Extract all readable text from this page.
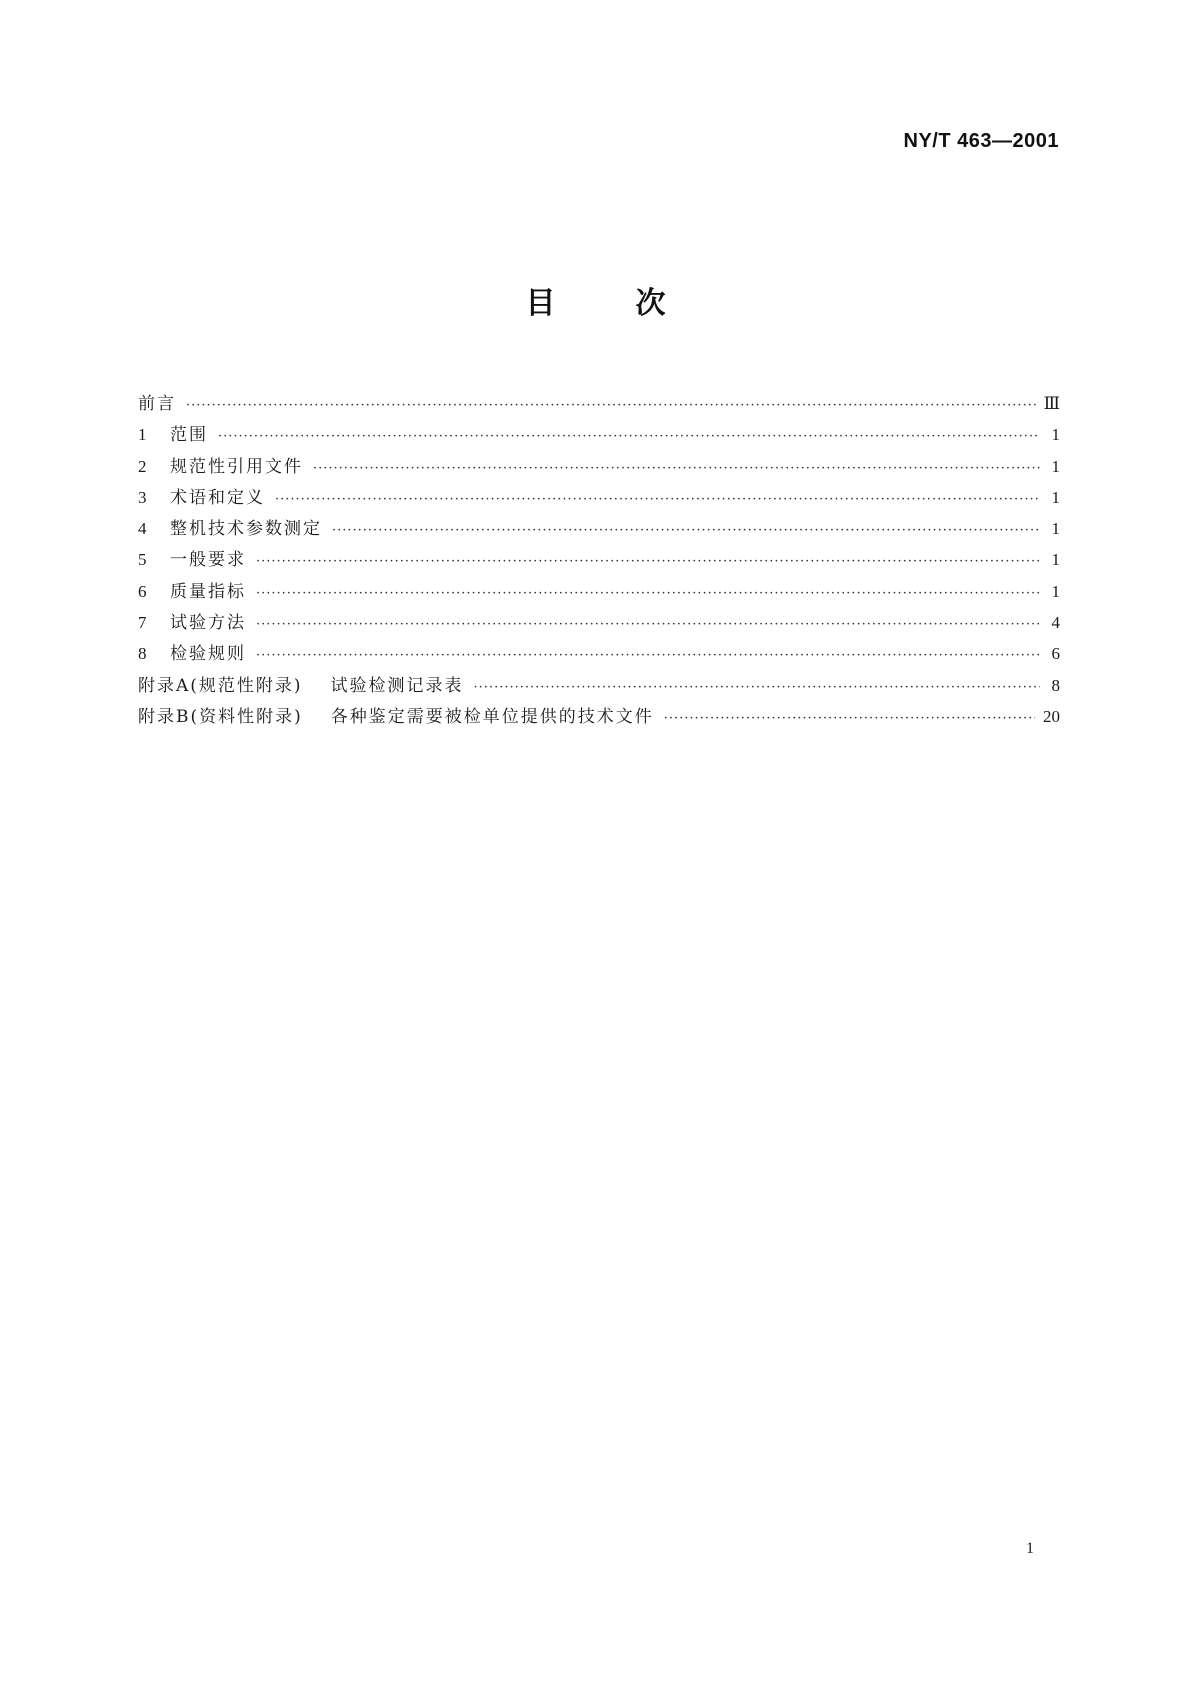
NY/T 463—2001
目次
前言 ·····	Ⅲ
1	范围 ·····	1
2	规范性引用文件 ·····	1
3	术语和定义 ·····	1
4	整机技术参数测定 ·····	1
5	一般要求 ·····	1
6	质量指标 ·····	1
7	试验方法 ·····	4
8	检验规则 ·····	6
附录A(规范性附录) 试验检测记录表 ·····	8
附录B(资料性附录) 各种鉴定需要被检单位提供的技术文件 ·····	20
1
